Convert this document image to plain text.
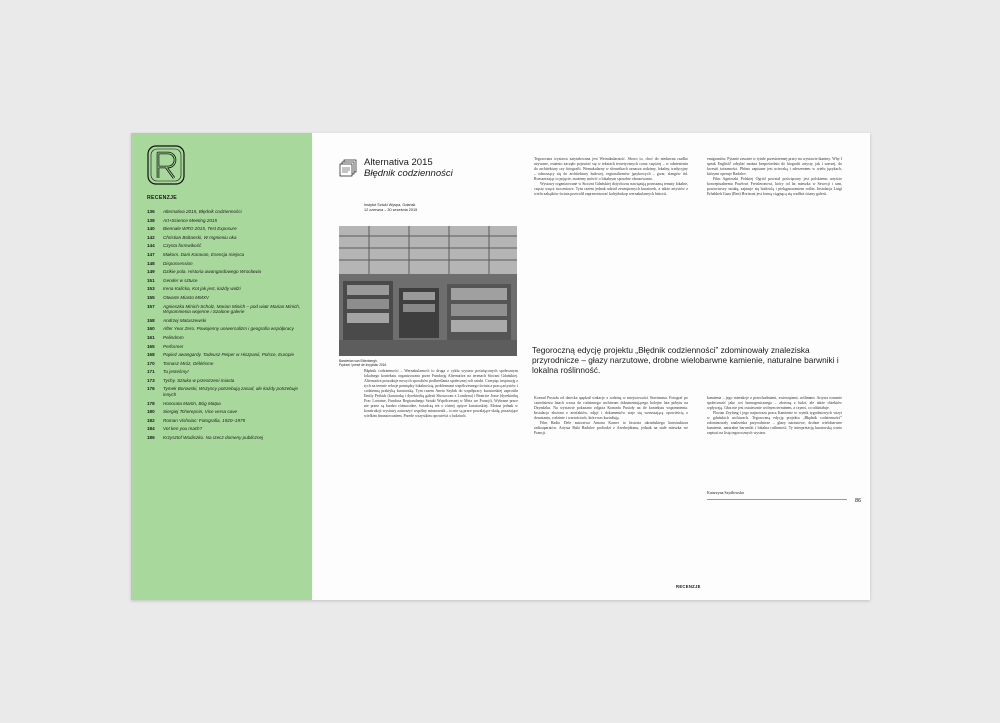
RECENZJE
136	Alternativa 2015, Błędnik codzienności
138	Art+Science Meeting 2015
140	Biennale WRO 2015, Test Exposure
142	Christian Boltanski, W mgnieniu oka
144	Czysta formwikość
147	Makom. Dani Karavan, Esencja miejsca
148	Dispossession
149	Dzikie pola. Historia awangardowego Wrocławia
151	Gender w sztuce
153	Irena Kalicka, Kot jak jest, każdy widzi
155	Otwarte Miasto MMXV
157	Agnieszka Minich-Scholz, Marian Minich – pod wiatr Marian Minich, Wspomnienia wojenne i Szalone galerie
158	Andrzej Matuszewski
160	After Year Zero. Powojenny uniwersalizm i geografia współpracy
161	Pelindrom
165	Performer
168	Papież awangardy. Tadeusz Peiper w Hiszpanii, Polsce, Europie
170	Tomasz Mróz, Délétisme
171	Tu jesteśmy!
173	Tychy. Sztuka w przestrzeni miasta
176	Tymek Borowski, Wszyscy potrzebują zasad, ale każdy potrzebuje innych
178	Honorata Martin, Bóg Matpa
180	Siergiej Tcherepnin, Vice versa cave
182	Roman Vishniac: Fotografia, 1920–1975
184	Vot ken you mach?
186	Krzysztof Wodiczko. Na rzecz domeny publicznej
Alternativa 2015
Błędnik codzienności
Instytut Sztuki Wyspa, Gdańsk
12 czerwca – 30 września 2015
Banderian van Eldenbergh,
Pędrzei i presé de Inrypisku 2016

Błędnik codzienności – Wernakularność to druga z cyklu wystaw poświęconych społecznym lokalnego kontekstu organizowana przez Fundację Alternativa na terenach Stoczni Gdańskiej. Alternativa poszukuje nowych sposobów podkreślania społecznej roli sztuki. Czerpiąc inspirację z tych na terenie relacje pomiędzy lokalnością, problemami współczesnego świata a pracą artystów i codzienną praktyką kuratorską. Tym razem Aneta Szyłak do współpracy kuratorskiej zaprosiła Emily Pethick (kuratorkę i dyrektorkę galerii Showroom z Londynu) i Beatrice Josse (dyrektorkę Frac Lorraine, Fundusz Regionalnego Sztuki Współczesnej w Metz we Francji). Wybrane prace nie przez są bardzo różnorodne, świadczą też o różnej optyce kuratorskiej. Można jednak w konstrukcji wystawy zauważyć wspólny mianownik – to nie są prace powalające skalą, porażające wielkim finansowaniem. Przede wszystkim opowieści o ludziach.

Tegoroczna wystawa zatytułowana jest Wernakularność. Słowo to, choć do niedawna rzadko używane, ostatnio zaczęło pojawiać się w tekstach teoretycznych coraz częściej – w odniesieniu do architektury czy fotografii. Wernakularny w słownikach oznacza rodzimy, lokalny, tradycyjny – odnoszący się do architektury ludowej, regionalizmów językowych – gwar, slangów itd. Rozszerzając to pojęcie, możemy mówić o lokalnym sposobie obrazowania.

Wystawy organizowane w Stoczni Gdańskiej dotychczas nawiązują poruszaną tematy lokalne, często wręcz stoczniowe. Tym razem jednak udział zewnętrznych kuratorek, a także artystów z wielu zakątków świata pozwolił zaprezentować kalejdoskop wernakularnych historii.

emigrantów. Pytanie zawarte w tytule przestrzennej pracy na wystawie tkaniny: Why I speak English? odsyłać można bezpośrednio do biografii artysty, jak i szerzej, do kwestii tożsamości. Płótno zapisane jest ucieczką i zderzeniem w wielu językach, którymi operuje Badalov.

Film Agnieszki Polskiej Ogród powstał poświęcony jest polskiemu artyście konceptualnemu Pawłowi Freisleronowi, który od lat mieszka w Szwecji i tam, porzuciwszy sztukę, zajmuje się hodowlą i pielęgnowaniem roślin. Instalacja Luigi Erhabkeh Gaza (Ben) Horizont jest formą ciągnącą się wzdłuż ściany galerii.

Tegoroczną edycję projektu „Błędnik codzienności” zdominowały znaleziska przyrodnicze – głazy narzutowe, drobne wielobarwne kamienie, naturalne barwniki i lokalna roślinność.

Konrad Pustoła od dziecka spędzał wakacje z rodziną w miejscowości Stavinnasa. Fotograf po czterdziestu latach wraca do rodzinnego archiwum dokumentującego kolejne lata pobytu na Dzyndzku. Na wystawie pokazano zdjęcia Konrada Pustoły na tle kontekstu wspomnienia. Instalacja złożona z artefaktów, zdjęć i dokumentów staje się wzruszającą opowieścią o dorastaniu, rodzinie i wartościach, które nas kształtują.

Film Radio Dele autorstwa Antona Karner to historia ukraińskiego konstruktora radioaparatów. Artysta Babi Badalov pochodzi z Azerbejdżanu, jednak na stałe mieszka we Francji.

kamienia – jego interakcje z przechodniami, zwierzętami, roślinami. Artysta rozumie społeczność jako coś homogenicznego – złożoną z ludzi, ale także obiektów wpływają. Głaz nie jest ostatecznie wolnym terminem, a czymś, co oddziałuje.

Florian Zeyfang i jego najnowsza praca Kamienie to wynik tygodniowych wizyt w gdańskich archiwach. Tegoroczną edycję projektu „Błędnik codzienności” zdominowały znaleziska przyrodnicze – głazy narzutowe, drobne wielobarwne kamienie, naturalne barwniki i lokalna roślinność. Ty interpretację kuratorską warto zapisać na listę tegorocznych wystaw.

Katarzyna Szydłowska
86
RECENZJE
